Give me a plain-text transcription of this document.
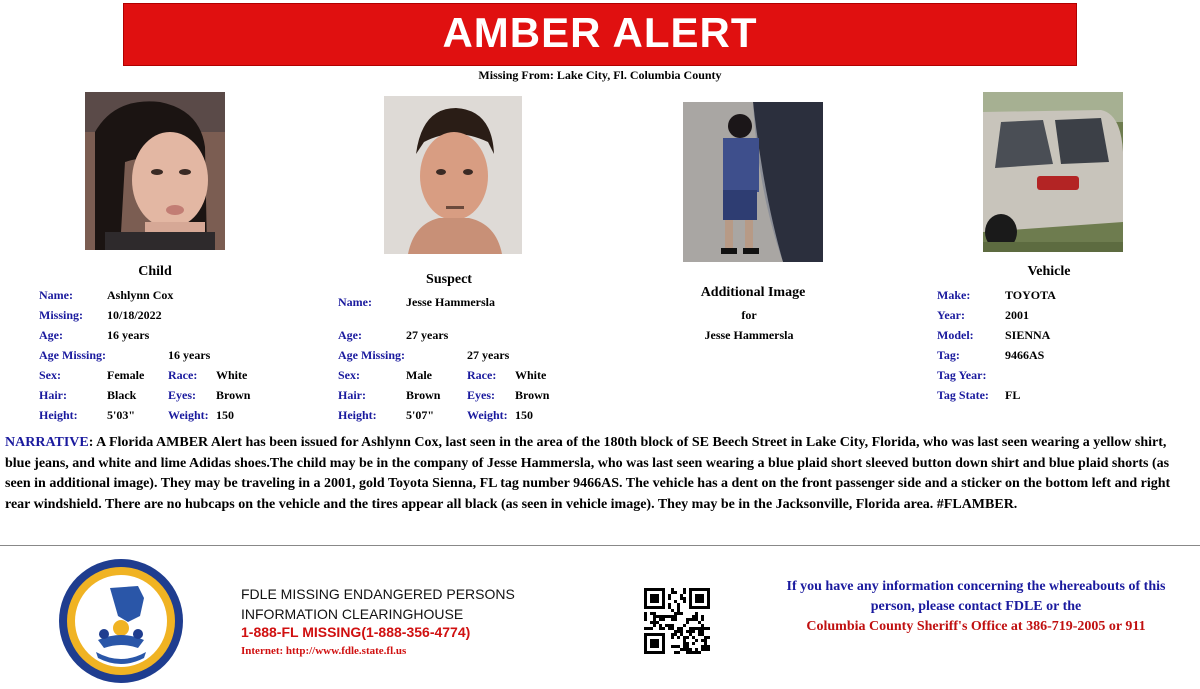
AMBER ALERT
Missing From: Lake City, Fl. Columbia County
Child
Suspect
Additional Image
for
Jesse Hammersla
Vehicle
Name:	Ashlynn Cox
Missing: 10/18/2022
Age:	16 years
Age Missing:	16 years
Sex:	Female Race: White
Hair:	Black	Eyes: Brown
Height: 5'03"	Weight: 150
Name:	Jesse Hammersla
Age:	27 years
Age Missing:	27 years
Sex:	Male	Race: White
Hair:	Brown Eyes: Brown
Height: 5'07"	Weight: 150
Make:	TOYOTA
Year:	2001
Model:	SIENNA
Tag:	9466AS
Tag Year:
Tag State: FL
NARRATIVE: A Florida AMBER Alert has been issued for Ashlynn Cox, last seen in the area of the 180th block of SE Beech Street in Lake City, Florida, who was last seen wearing a yellow shirt, blue jeans, and white and lime Adidas shoes.The child may be in the company of Jesse Hammersla, who was last seen wearing a blue plaid short sleeved button down shirt and blue plaid shorts (as seen in additional image). They may be traveling in a 2001, gold Toyota Sienna, FL tag number 9466AS. The vehicle has a dent on the front passenger side and a sticker on the bottom left and right rear windshield. There are no hubcaps on the vehicle and the tires appear all black (as seen in vehicle image). They may be in the Jacksonville, Florida area. #FLAMBER.
FDLE MISSING ENDANGERED PERSONS
INFORMATION CLEARINGHOUSE
1-888-FL MISSING(1-888-356-4774)
Internet: http://www.fdle.state.fl.us
If you have any information concerning the whereabouts of this
person, please contact FDLE or the
Columbia County Sheriff's Office at 386-719-2005 or 911
